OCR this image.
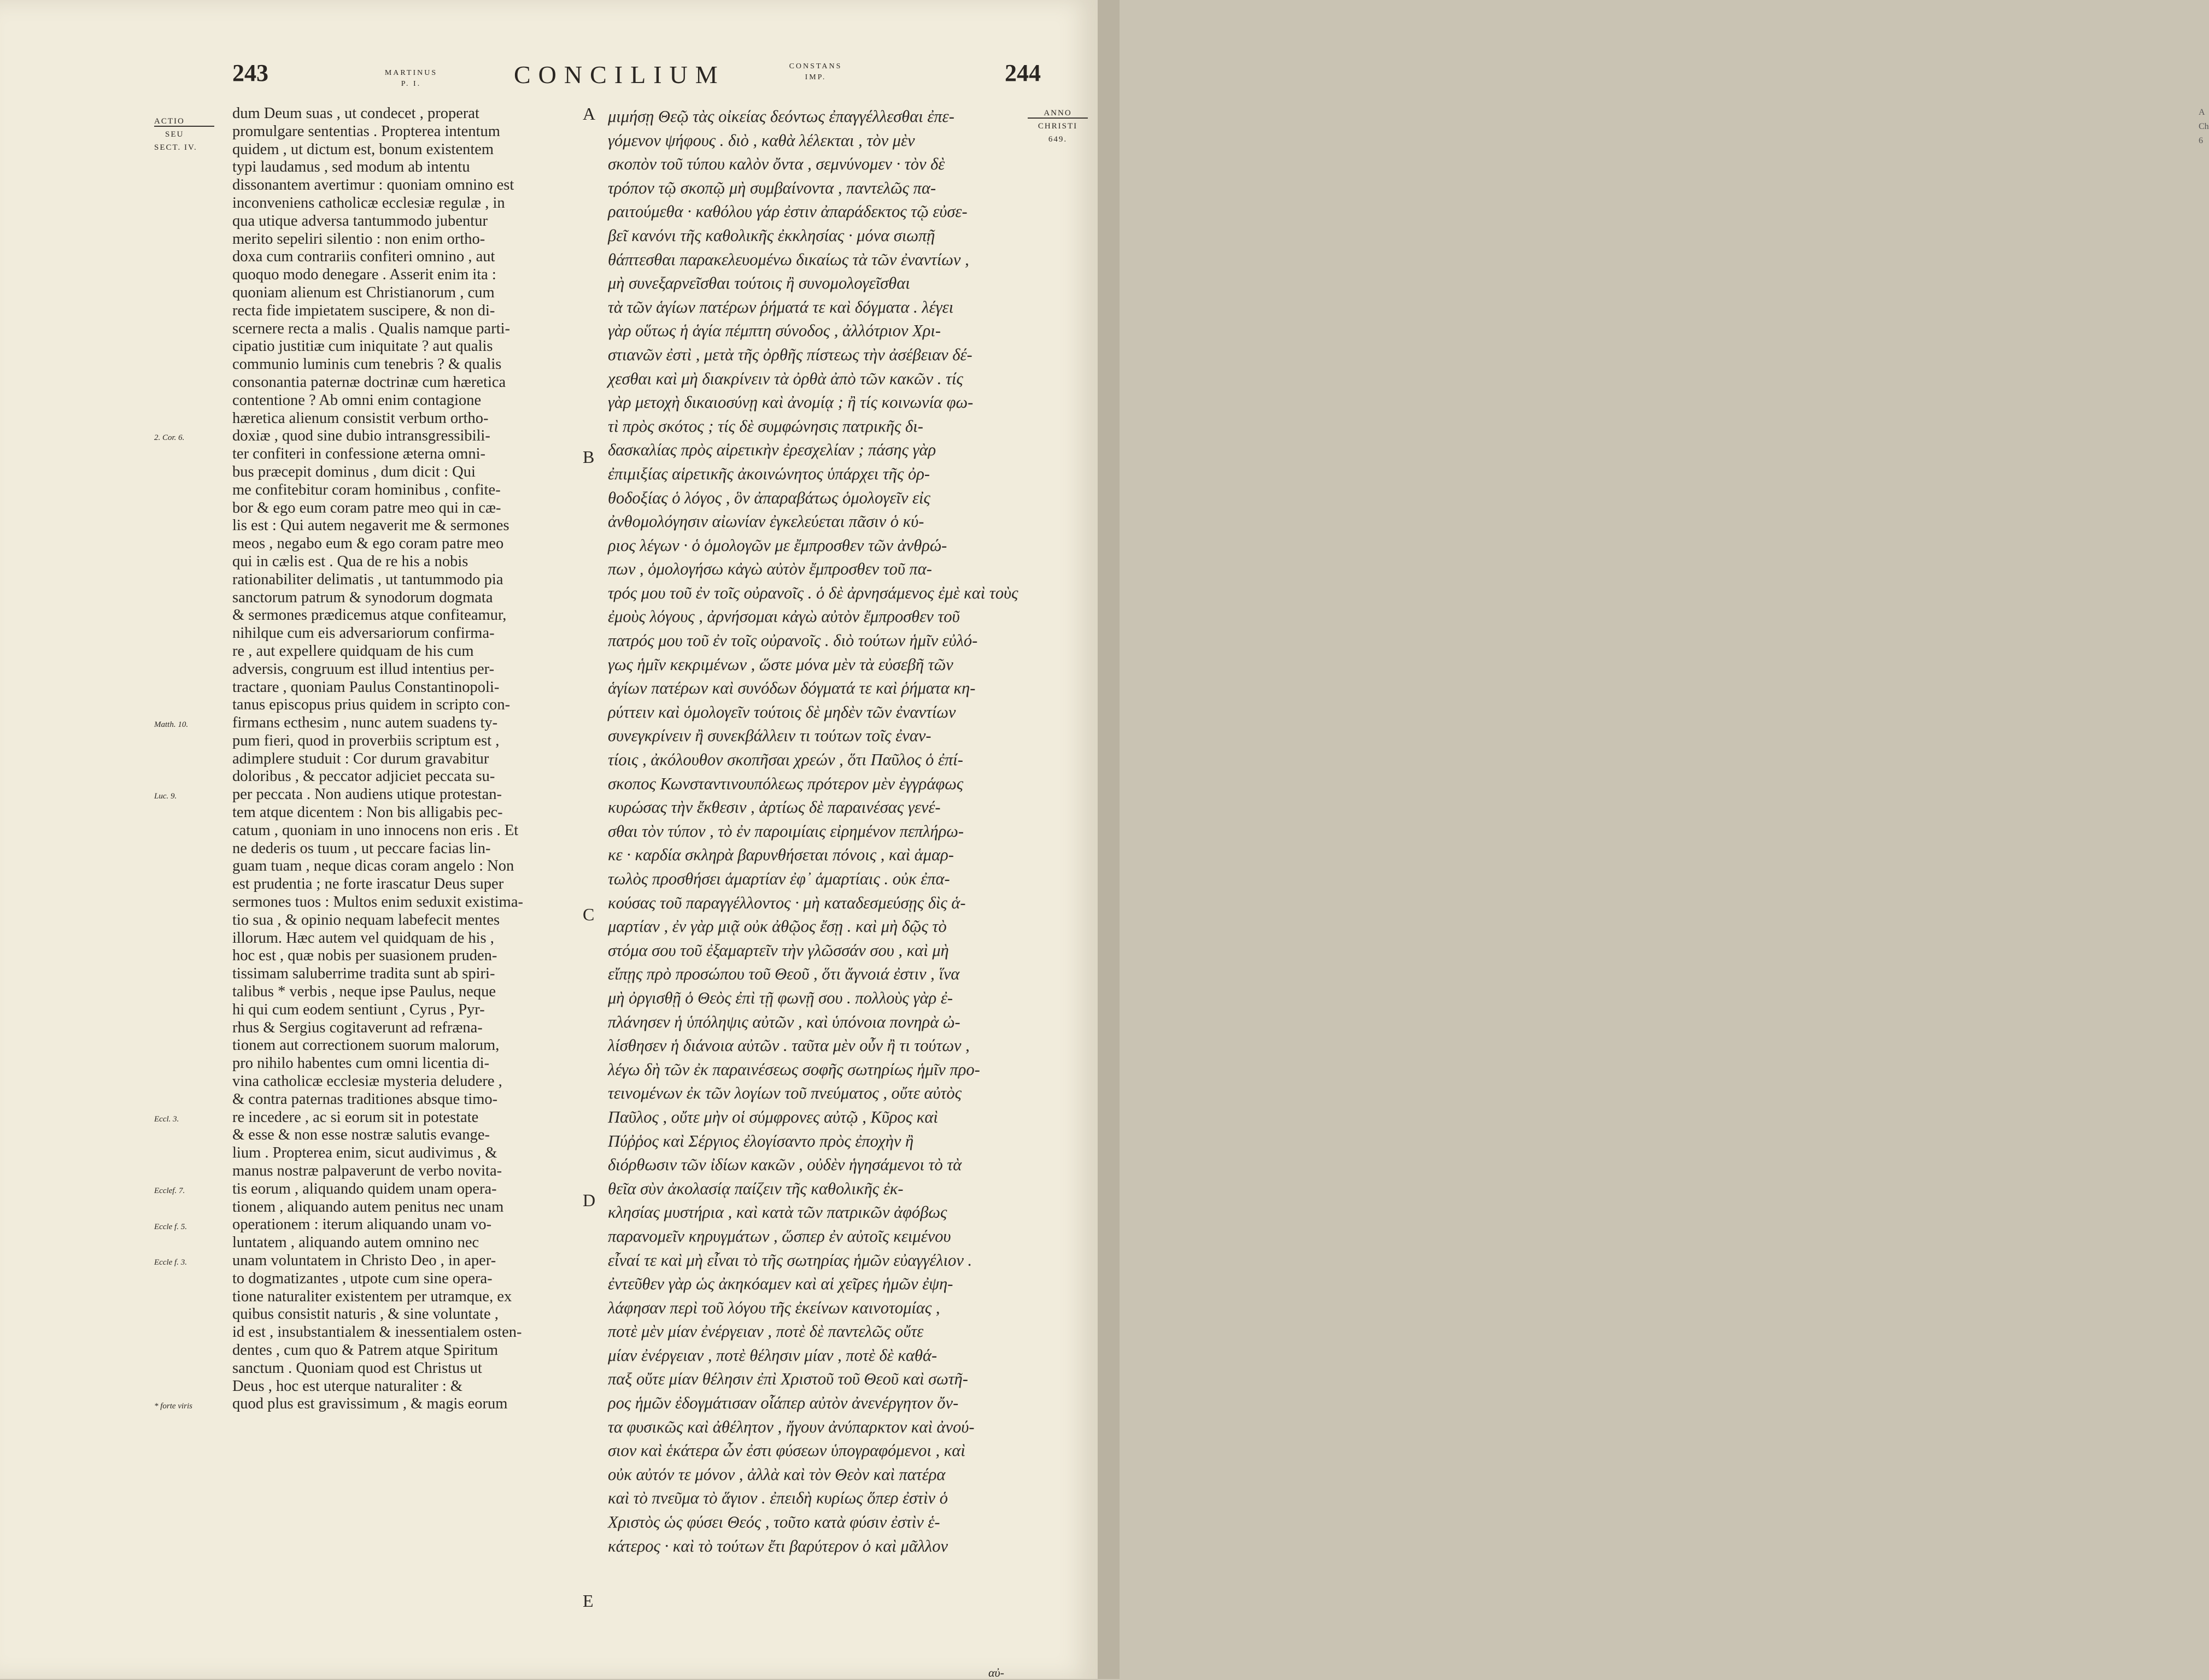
A
Ch
6
243	MARTINUS
P. I.	CONCILIUM	CONSTANS
IMP.	244
ACTIO
SEU
SECT. IV.
ANNO
CHRISTI
649.
2. Cor. 6.
Matth. 10.
Luc. 9.
Eccl. 3.
Ecclef. 7.
Eccle f. 5.
Eccle f. 3.
* forte viris
A
B
C
D
E
dum Deum suas , ut condecet , properat
promulgare sententias . Propterea intentum
quidem , ut dictum est, bonum existentem
typi laudamus , sed modum ab intentu
dissonantem avertimur : quoniam omnino est
inconveniens catholicæ ecclesiæ regulæ , in
qua utique adversa tantummodo jubentur
merito sepeliri silentio : non enim ortho-
doxa cum contrariis confiteri omnino , aut
quoquo modo denegare . Asserit enim ita :
quoniam alienum est Christianorum , cum
recta fide impietatem suscipere, & non di-
scernere recta a malis . Qualis namque parti-
cipatio justitiæ cum iniquitate ? aut qualis
communio luminis cum tenebris ? & qualis
consonantia paternæ doctrinæ cum hæretica
contentione ? Ab omni enim contagione
hæretica alienum consistit verbum ortho-
doxiæ , quod sine dubio intransgressibili-
ter confiteri in confessione æterna omni-
bus præcepit dominus , dum dicit : Qui
me confitebitur coram hominibus , confite-
bor & ego eum coram patre meo qui in cæ-
lis est : Qui autem negaverit me & sermones
meos , negabo eum & ego coram patre meo
qui in cælis est . Qua de re his a nobis
rationabiliter delimatis , ut tantummodo pia
sanctorum patrum & synodorum dogmata
& sermones prædicemus atque confiteamur,
nihilque cum eis adversariorum confirma-
re , aut expellere quidquam de his cum
adversis, congruum est illud intentius per-
tractare , quoniam Paulus Constantinopoli-
tanus episcopus prius quidem in scripto con-
firmans ecthesim , nunc autem suadens ty-
pum fieri, quod in proverbiis scriptum est ,
adimplere studuit : Cor durum gravabitur
doloribus , & peccator adjiciet peccata su-
per peccata . Non audiens utique protestan-
tem atque dicentem : Non bis alligabis pec-
catum , quoniam in uno innocens non eris . Et
ne dederis os tuum , ut peccare facias lin-
guam tuam , neque dicas coram angelo : Non
est prudentia ; ne forte irascatur Deus super
sermones tuos : Multos enim seduxit existima-
tio sua , & opinio nequam labefecit mentes
illorum. Hæc autem vel quidquam de his ,
hoc est , quæ nobis per suasionem pruden-
tissimam saluberrime tradita sunt ab spiri-
talibus * verbis , neque ipse Paulus, neque
hi qui cum eodem sentiunt , Cyrus , Pyr-
rhus & Sergius cogitaverunt ad refræna-
tionem aut correctionem suorum malorum,
pro nihilo habentes cum omni licentia di-
vina catholicæ ecclesiæ mysteria deludere ,
& contra paternas traditiones absque timo-
re incedere , ac si eorum sit in potestate
& esse & non esse nostræ salutis evange-
lium . Propterea enim, sicut audivimus , &
manus nostræ palpaverunt de verbo novita-
tis eorum , aliquando quidem unam opera-
tionem , aliquando autem penitus nec unam
operationem : iterum aliquando unam vo-
luntatem , aliquando autem omnino nec
unam voluntatem in Christo Deo , in aper-
to dogmatizantes , utpote cum sine opera-
tione naturaliter existentem per utramque, ex
quibus consistit naturis , & sine voluntate ,
id est , insubstantialem & inessentialem osten-
dentes , cum quo & Patrem atque Spiritum
sanctum . Quoniam quod est Christus ut
Deus , hoc est uterque naturaliter : &
quod plus est gravissimum , & magis eorum
μιμήσῃ Θεῷ τὰς οἰκείας δεόντως ἐπαγγέλλεσθαι ἐπε-
γόμενον ψήφους . διὸ , καθὰ λέλεκται , τὸν μὲν
σκοπὸν τοῦ τύπου καλὸν ὄντα , σεμνύνομεν · τὸν δὲ
τρόπον τῷ σκοπῷ μὴ συμβαίνοντα , παντελῶς πα-
ραιτούμεθα · καθόλου γάρ ἐστιν ἀπαράδεκτος τῷ εὐσε-
βεῖ κανόνι τῆς καθολικῆς ἐκκλησίας · μόνα σιωπῇ
θάπτεσθαι παρακελευομένω δικαίως τὰ τῶν ἐναντίων ,
μὴ συνεξαρνεῖσθαι τούτοις ἢ συνομολογεῖσθαι
τὰ τῶν ἁγίων πατέρων ῥήματά τε καὶ δόγματα . λέγει
γὰρ οὕτως ἡ ἁγία πέμπτη σύνοδος , ἀλλότριον Χρι-
στιανῶν ἐστὶ , μετὰ τῆς ὀρθῆς πίστεως τὴν ἀσέβειαν δέ-
χεσθαι καὶ μὴ διακρίνειν τὰ ὀρθὰ ἀπὸ τῶν κακῶν . τίς
γὰρ μετοχὴ δικαιοσύνῃ καὶ ἀνομίᾳ ; ἢ τίς κοινωνία φω-
τὶ πρὸς σκότος ; τίς δὲ συμφώνησις πατρικῆς δι-
δασκαλίας πρὸς αἱρετικὴν ἐρεσχελίαν ; πάσης γὰρ
ἐπιμιξίας αἱρετικῆς ἀκοινώνητος ὑπάρχει τῆς ὀρ-
θοδοξίας ὁ λόγος , ὃν ἀπαραβάτως ὁμολογεῖν εἰς
ἀνθομολόγησιν αἰωνίαν ἐγκελεύεται πᾶσιν ὁ κύ-
ριος λέγων · ὁ ὁμολογῶν με ἔμπροσθεν τῶν ἀνθρώ-
πων , ὁμολογήσω κἀγὼ αὐτὸν ἔμπροσθεν τοῦ πα-
τρός μου τοῦ ἐν τοῖς οὐρανοῖς . ὁ δὲ ἀρνησάμενος ἐμὲ καὶ τοὺς
ἐμοὺς λόγους , ἀρνήσομαι κἀγὼ αὐτὸν ἔμπροσθεν τοῦ
πατρός μου τοῦ ἐν τοῖς οὐρανοῖς . διὸ τούτων ἡμῖν εὐλό-
γως ἡμῖν κεκριμένων , ὥστε μόνα μὲν τὰ εὐσεβῆ τῶν
ἁγίων πατέρων καὶ συνόδων δόγματά τε καὶ ῥήματα κη-
ρύττειν καὶ ὁμολογεῖν τούτοις δὲ μηδὲν τῶν ἐναντίων
συνεγκρίνειν ἢ συνεκβάλλειν τι τούτων τοῖς ἐναν-
τίοις , ἀκόλουθον σκοπῆσαι χρεών , ὅτι Παῦλος ὁ ἐπί-
σκοπος Κωνσταντινουπόλεως πρότερον μὲν ἐγγράφως
κυρώσας τὴν ἔκθεσιν , ἀρτίως δὲ παραινέσας γενέ-
σθαι τὸν τύπον , τὸ ἐν παροιμίαις εἰρημένον πεπλήρω-
κε · καρδία σκληρὰ βαρυνθήσεται πόνοις , καὶ ἁμαρ-
τωλὸς προσθήσει ἁμαρτίαν ἐφ᾽ ἁμαρτίαις . οὐκ ἐπα-
κούσας τοῦ παραγγέλλοντος · μὴ καταδεσμεύσῃς δὶς ἁ-
μαρτίαν , ἐν γὰρ μιᾷ οὐκ ἀθῷος ἔσῃ . καὶ μὴ δῷς τὸ
στόμα σου τοῦ ἐξαμαρτεῖν τὴν γλῶσσάν σου , καὶ μὴ
εἴπῃς πρὸ προσώπου τοῦ Θεοῦ , ὅτι ἄγνοιά ἐστιν , ἵνα
μὴ ὀργισθῇ ὁ Θεὸς ἐπὶ τῇ φωνῇ σου . πολλοὺς γὰρ ἐ-
πλάνησεν ἡ ὑπόληψις αὐτῶν , καὶ ὑπόνοια πονηρὰ ὠ-
λίσθησεν ἡ διάνοια αὐτῶν . ταῦτα μὲν οὖν ἢ τι τούτων ,
λέγω δὴ τῶν ἐκ παραινέσεως σοφῆς σωτηρίως ἡμῖν προ-
τεινομένων ἐκ τῶν λογίων τοῦ πνεύματος , οὔτε αὐτὸς
Παῦλος , οὔτε μὴν οἱ σύμφρονες αὐτῷ , Κῦρος καὶ
Πύῤῥος καὶ Σέργιος ἐλογίσαντο πρὸς ἐποχὴν ἢ
διόρθωσιν τῶν ἰδίων κακῶν , οὐδὲν ἡγησάμενοι τὸ τὰ
θεῖα σὺν ἀκολασίᾳ παίζειν τῆς καθολικῆς ἐκ-
κλησίας μυστήρια , καὶ κατὰ τῶν πατρικῶν ἀφόβως
παρανομεῖν κηρυγμάτων , ὥσπερ ἐν αὐτοῖς κειμένου
εἶναί τε καὶ μὴ εἶναι τὸ τῆς σωτηρίας ἡμῶν εὐαγγέλιον .
ἐντεῦθεν γὰρ ὡς ἀκηκόαμεν καὶ αἱ χεῖρες ἡμῶν ἐψη-
λάφησαν περὶ τοῦ λόγου τῆς ἐκείνων καινοτομίας ,
ποτὲ μὲν μίαν ἐνέργειαν , ποτὲ δὲ παντελῶς οὔτε
μίαν ἐνέργειαν , ποτὲ θέλησιν μίαν , ποτὲ δὲ καθά-
παξ οὔτε μίαν θέλησιν ἐπὶ Χριστοῦ τοῦ Θεοῦ καὶ σωτῆ-
ρος ἡμῶν ἐδογμάτισαν οἷάπερ αὐτὸν ἀνενέργητον ὄν-
τα φυσικῶς καὶ ἀθέλητον , ἤγουν ἀνύπαρκτον καὶ ἀνού-
σιον καὶ ἑκάτερα ὧν ἐστι φύσεων ὑπογραφόμενοι , καὶ
οὐκ αὐτόν τε μόνον , ἀλλὰ καὶ τὸν Θεὸν καὶ πατέρα
καὶ τὸ πνεῦμα τὸ ἅγιον . ἐπειδὴ κυρίως ὅπερ ἐστὶν ὁ
Χριστὸς ὡς φύσει Θεός , τοῦτο κατὰ φύσιν ἐστὶν ἑ-
κάτερος · καὶ τὸ τούτων ἔτι βαρύτερον ὁ καὶ μᾶλλον
αὐ-
